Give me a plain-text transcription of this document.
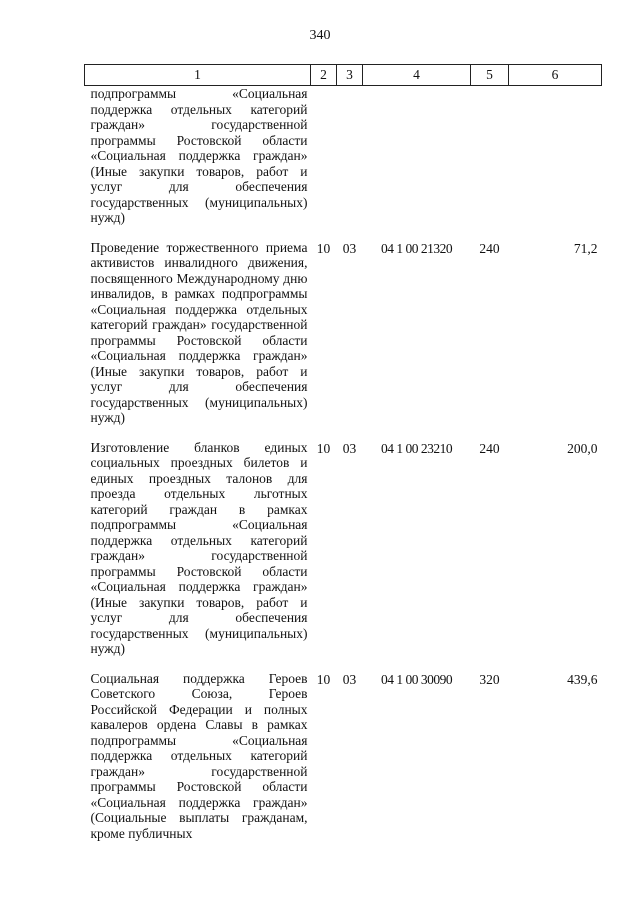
340
1	2	3	4	5	6
подпрограммы «Социальная поддержка отдельных категорий граждан» государственной программы Ростовской области «Социальная поддержка граждан» (Иные закупки товаров, работ и услуг для обеспечения государственных (муниципальных) нужд)					
Проведение торжественного приема активистов инвалидного движения, посвященного Международному дню инвалидов, в рамках подпрограммы «Социальная поддержка отдельных категорий граждан» государственной программы Ростовской области «Социальная поддержка граждан» (Иные закупки товаров, работ и услуг для обеспечения государственных (муниципальных) нужд)	10	03	04 1 00 21320	240	71,2
Изготовление бланков единых социальных проездных билетов и единых проездных талонов для проезда отдельных льготных категорий граждан в рамках подпрограммы «Социальная поддержка отдельных категорий граждан» государственной программы Ростовской области «Социальная поддержка граждан» (Иные закупки товаров, работ и услуг для обеспечения государственных (муниципальных) нужд)	10	03	04 1 00 23210	240	200,0
Социальная поддержка Героев Советского Союза, Героев Российской Федерации и полных кавалеров ордена Славы в рамках подпрограммы «Социальная поддержка отдельных категорий граждан» государственной программы Ростовской области «Социальная поддержка граждан» (Социальные выплаты гражданам, кроме публичных	10	03	04 1 00 30090	320	439,6
